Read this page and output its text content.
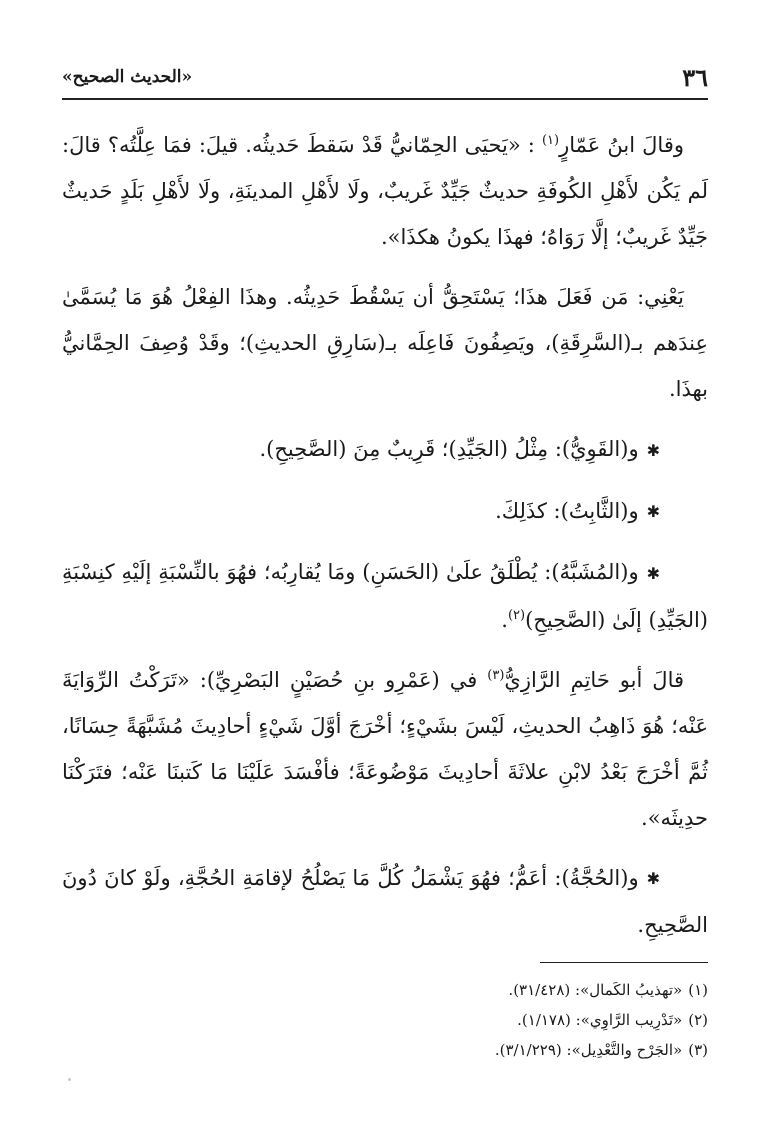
٣٦
«الحديث الصحيح»

وقالَ ابنُ عَمّارٍ$^{(١)}$ : «يَحيَى الحِمّانيُّ قَدْ سَقطَ حَديثُه. قيلَ: فمَا عِلَّتُه؟ قالَ: لَم يَكُن لأَهْلِ الكُوفَةِ حديثٌ جَيِّدٌ غَريبٌ، ولَا لأَهْلِ المدينَةِ، ولَا لأَهْلِ بَلَدٍ حَديثٌ جَيِّدٌ غَريبٌ؛ إلَّا رَوَاهُ؛ فهذَا يكونُ هكذَا».

يَعْنِي: مَن فَعَلَ هذَا؛ يَسْتَحِقُّ أن يَسْقُطَ حَدِيثُه. وهذَا الفِعْلُ هُوَ مَا يُسَمَّىٰ عِندَهم بـ(السَّرِقَةِ)، ويَصِفُونَ فَاعِلَه بـ(سَارِقِ الحديثِ)؛ وقَدْ وُصِفَ الحِمَّانيُّ بهذَا.

✱و(القَوِيُّ): مِثْلُ (الجَيِّدِ)؛ قَرِيبٌ مِنَ (الصَّحِيحِ).

✱و(الثَّابِتُ): كذَلِكَ.

✱و(المُشَبَّهُ): يُطْلَقُ علَىٰ (الحَسَنِ) ومَا يُقارِبُه؛ فهُوَ بالنِّسْبَةِ إلَيْهِ كنِسْبَةِ (الجَيِّدِ) إلَىٰ (الصَّحِيحِ)$^{(٢)}$.

قالَ أبو حَاتِمِ الرَّازِيُّ$^{(٣)}$ في (عَمْرِو بنِ حُصَيْنٍ البَصْرِيِّ): «تَرَكْتُ الرِّوَايَةَ عَنْه؛ هُوَ ذَاهِبُ الحديثِ، لَيْسَ بشَيْءٍ؛ أخْرَجَ أوَّلَ شَيْءٍ أحادِيثَ مُشَبَّهَةً حِسَانًا، ثُمَّ أخْرَجَ بَعْدُ لابْنِ علاثَةَ أحادِيثَ مَوْضُوعَةً؛ فأفْسَدَ عَلَيْنَا مَا كَتبنَا عَنْه؛ فتَرَكْنَا حدِيثَه».

✱و(الحُجَّةُ): أعَمُّ؛ فهُوَ يَشْمَلُ كُلَّ مَا يَصْلُحُ لإقامَةِ الحُجَّةِ، ولَوْ كانَ دُونَ الصَّحِيحِ.

(١)«تهذيبُ الكَمال»: (٣١/٤٢٨).

(٢)«تَدْرِيب الرَّاوِي»: (١/١٧٨).

(٣)«الجَرْح والتَّعْدِيل»: (٣/١/٢٢٩).
